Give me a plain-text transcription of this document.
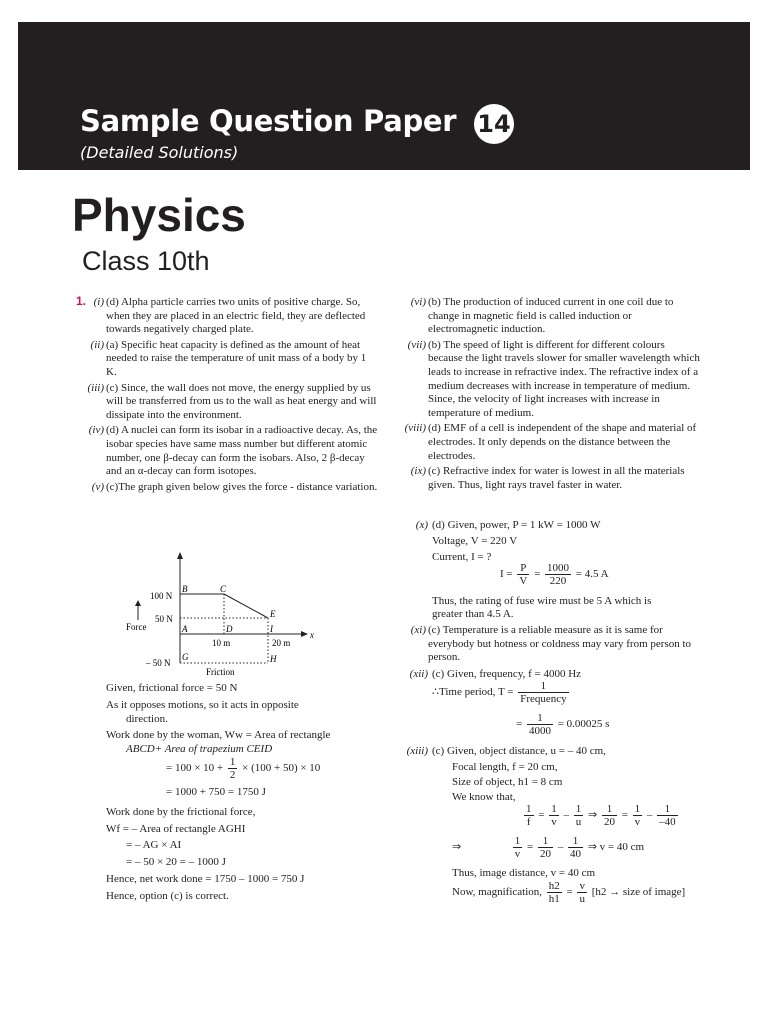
Sample Question Paper 14
(Detailed Solutions)
Physics
Class 10th
1. (i) (d) Alpha particle carries two units of positive charge. So, when they are placed in an electric field, they are deflected towards negatively charged plate.
(ii) (a) Specific heat capacity is defined as the amount of heat needed to raise the temperature of unit mass of a body by 1 K.
(iii) (c) Since, the wall does not move, the energy supplied by us will be transferred from us to the wall as heat energy and will dissipate into the environment.
(iv) (d) A nuclei can form its isobar in a radioactive decay. As, the isobar species have same mass number but different atomic number, one β-decay can form the isobars. Also, 2 β-decay and an α-decay can form isotopes.
(v) (c)The graph given below gives the force - distance variation.
100 N
50 N
– 50 N
Force
Friction
B	C
E
A	D	I
G	H
x
10 m	20 m
Given, frictional force = 50 N
As it opposes motions, so it acts in opposite
direction.
Work done by the woman, Ww = Area of rectangle
ABCD+ Area of trapezium CEID
= $100 \times 10 + \frac{1}{2} \times (100 + 50) \times 10$
= 1000 + 750 = 1750 J
Work done by the frictional force,
Wf = – Area of rectangle AGHI
= – AG × AI
= – 50 × 20 = – 1000 J
Hence, net work done = 1750 – 1000 = 750 J
Hence, option (c) is correct.
(vi) (b) The production of induced current in one coil due to change in magnetic field is called induction or electromagnetic induction.
(vii) (b) The speed of light is different for different colours because the light travels slower for smaller wavelength which leads to increase in refractive index. The refractive index of a medium decreases with increase in temperature of medium. Since, the velocity of light increases with increase in temperature of medium.
(viii) (d) EMF of a cell is independent of the shape and material of electrodes. It only depends on the distance between the electrodes.
(ix) (c) Refractive index for water is lowest in all the materials given. Thus, light rays travel faster in water.
(x) (d) Given, power, P = 1 kW = 1000 W
Voltage, V = 220 V
Current, I = ?
$I = \frac{P}{V} = \frac{1000}{220} = 4.5$ A
Thus, the rating of fuse wire must be 5 A which is
greater than 4.5 A.
(xi) (c) Temperature is a reliable measure as it is same for everybody but hotness or coldness may vary from person to person.
(xii) (c) Given, frequency, f = 4000 Hz
∴Time period, $T = \frac{1}{\text{Frequency}}$
= $\frac{1}{4000} = 0.00025$ s
(xiii) (c) Given, object distance, u = – 40 cm,
Focal length, f = 20 cm,
Size of object, h1 = 8 cm
We know that,
$\frac{1}{f} = \frac{1}{v} - \frac{1}{u}$ ⇒ $\frac{1}{20} = \frac{1}{v} - \frac{1}{-40}$
⇒	$\frac{1}{v} = \frac{1}{20} - \frac{1}{40}$ ⇒ v = 40 cm
Thus, image distance, v = 40 cm
Now, magnification, $\frac{h2}{h1} = \frac{v}{u} [h2$ → size of image]
